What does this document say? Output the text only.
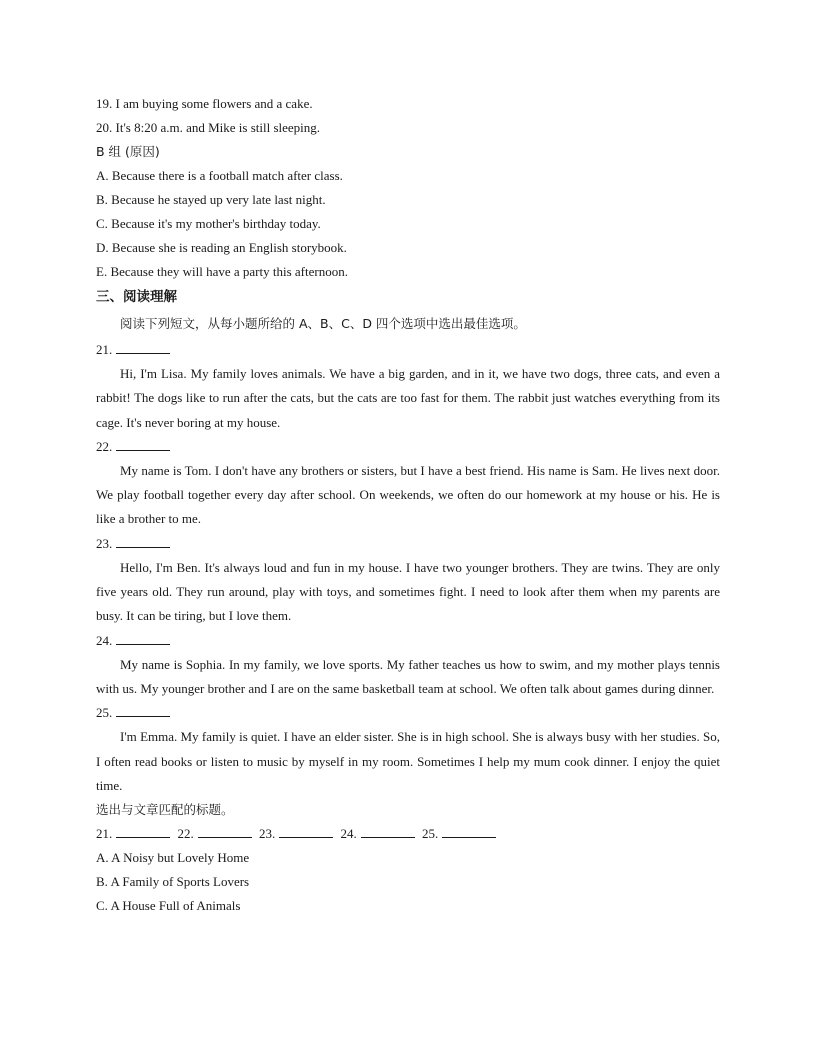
19. I am buying some flowers and a cake.
20. It's 8:20 a.m. and Mike is still sleeping.
B 组 (原因)
A. Because there is a football match after class.
B. Because he stayed up very late last night.
C. Because it's my mother's birthday today.
D. Because she is reading an English storybook.
E. Because they will have a party this afternoon.
三、阅读理解
阅读下列短文，从每小题所给的 A、B、C、D 四个选项中选出最佳选项。
21.

Hi, I'm Lisa. My family loves animals. We have a big garden, and in it, we have two dogs, three cats, and even a rabbit! The dogs like to run after the cats, but the cats are too fast for them. The rabbit just watches everything from its cage. It's never boring at my house.

22.

My name is Tom. I don't have any brothers or sisters, but I have a best friend. His name is Sam. He lives next door. We play football together every day after school. On weekends, we often do our homework at my house or his. He is like a brother to me.

23.

Hello, I'm Ben. It's always loud and fun in my house. I have two younger brothers. They are twins. They are only five years old. They run around, play with toys, and sometimes fight. I need to look after them when my parents are busy. It can be tiring, but I love them.

24.

My name is Sophia. In my family, we love sports. My father teaches us how to swim, and my mother plays tennis with us. My younger brother and I are on the same basketball team at school. We often talk about games during dinner.

25.

I'm Emma. My family is quiet. I have an elder sister. She is in high school. She is always busy with her studies. So, I often read books or listen to music by myself in my room. Sometimes I help my mum cook dinner. I enjoy the quiet time.

选出与文章匹配的标题。
21.	22.	23.	24.	25.
A. A Noisy but Lovely Home
B. A Family of Sports Lovers
C. A House Full of Animals
